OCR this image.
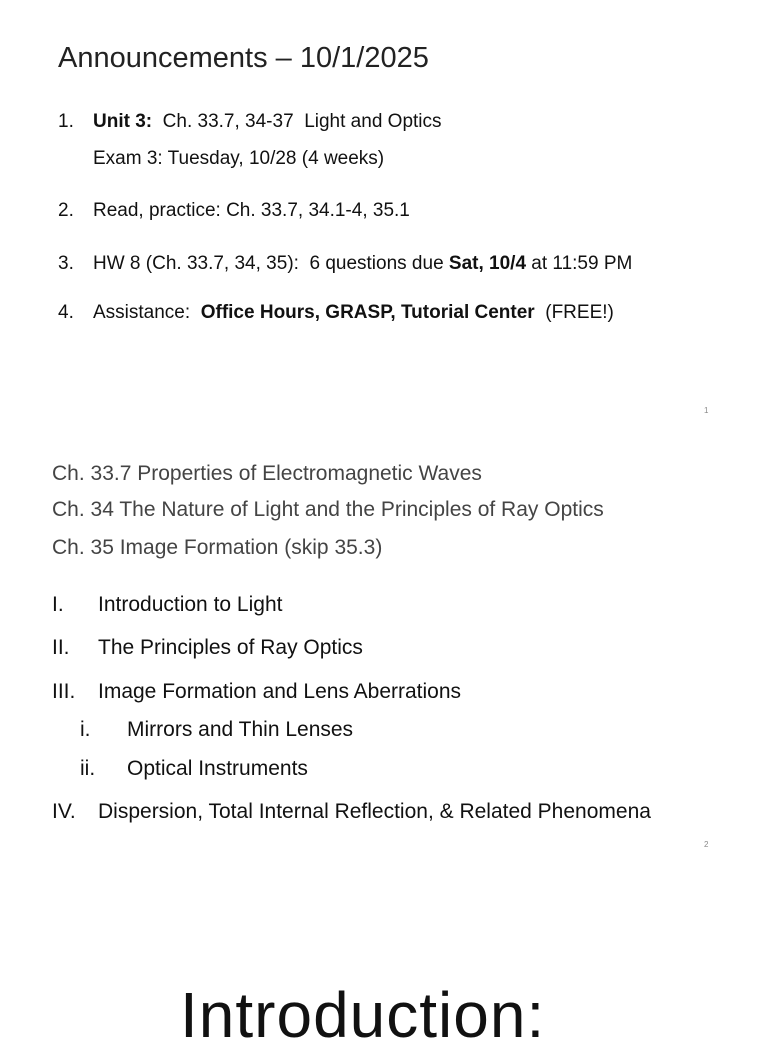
Announcements – 10/1/2025
1. Unit 3:  Ch. 33.7, 34-37  Light and Optics
Exam 3: Tuesday, 10/28 (4 weeks)
2. Read, practice: Ch. 33.7, 34.1-4, 35.1
3. HW 8 (Ch. 33.7, 34, 35):  6 questions due Sat, 10/4 at 11:59 PM
4. Assistance:  Office Hours, GRASP, Tutorial Center  (FREE!)
1
Ch. 33.7 Properties of Electromagnetic Waves
Ch. 34 The Nature of Light and the Principles of Ray Optics
Ch. 35 Image Formation (skip 35.3)
I. Introduction to Light
II. The Principles of Ray Optics
III. Image Formation and Lens Aberrations
i. Mirrors and Thin Lenses
ii. Optical Instruments
IV. Dispersion, Total Internal Reflection, & Related Phenomena
2
Introduction:
